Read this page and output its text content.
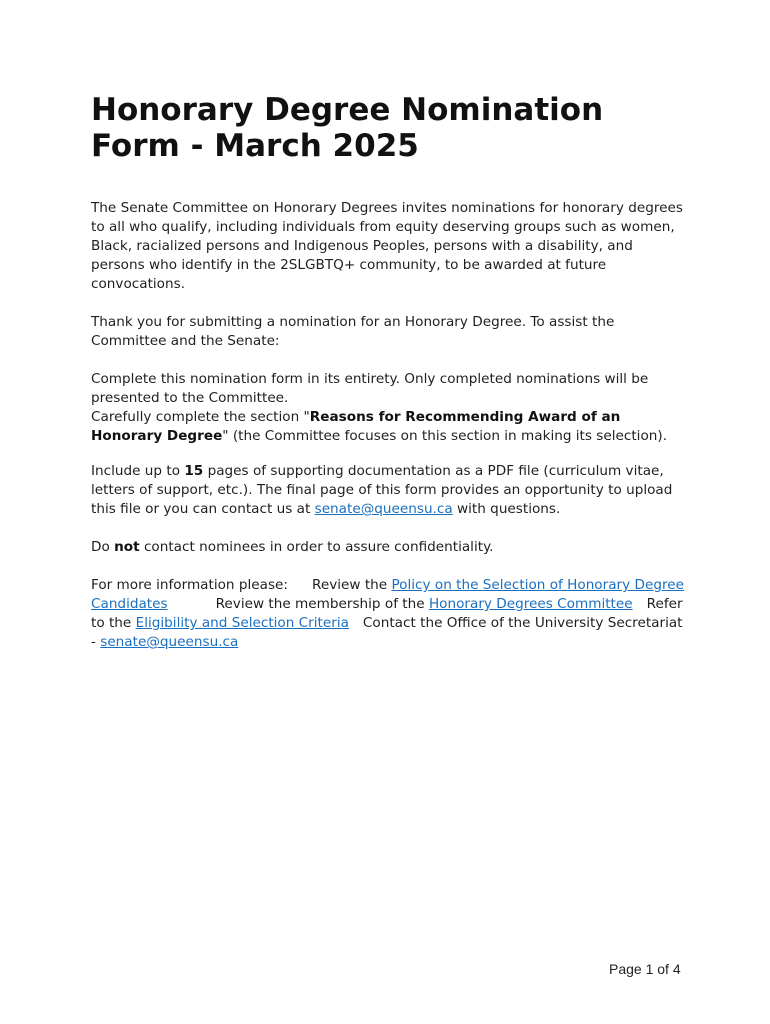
Honorary Degree Nomination
Form - March 2025

The Senate Committee on Honorary Degrees invites nominations for honorary degrees to all who qualify, including individuals from equity deserving groups such as women, Black, racialized persons and Indigenous Peoples, persons with a disability, and persons who identify in the 2SLGBTQ+ community, to be awarded at future convocations.

Thank you for submitting a nomination for an Honorary Degree. To assist the Committee and the Senate:

Complete this nomination form in its entirety. Only completed nominations will be presented to the Committee.

Carefully complete the section "Reasons for Recommending Award of an Honorary Degree" (the Committee focuses on this section in making its selection).

Include up to 15 pages of supporting documentation as a PDF file (curriculum vitae, letters of support, etc.). The final page of this form provides an opportunity to upload this file or you can contact us at senate@queensu.ca with questions.

Do not contact nominees in order to assure confidentiality.

For more information please: Review the Policy on the Selection of Honorary Degree Candidates	Review the membership of the Honorary Degrees Committee Refer to the Eligibility and Selection Criteria Contact the Office of the University Secretariat - senate@queensu.ca

Page 1 of 4
